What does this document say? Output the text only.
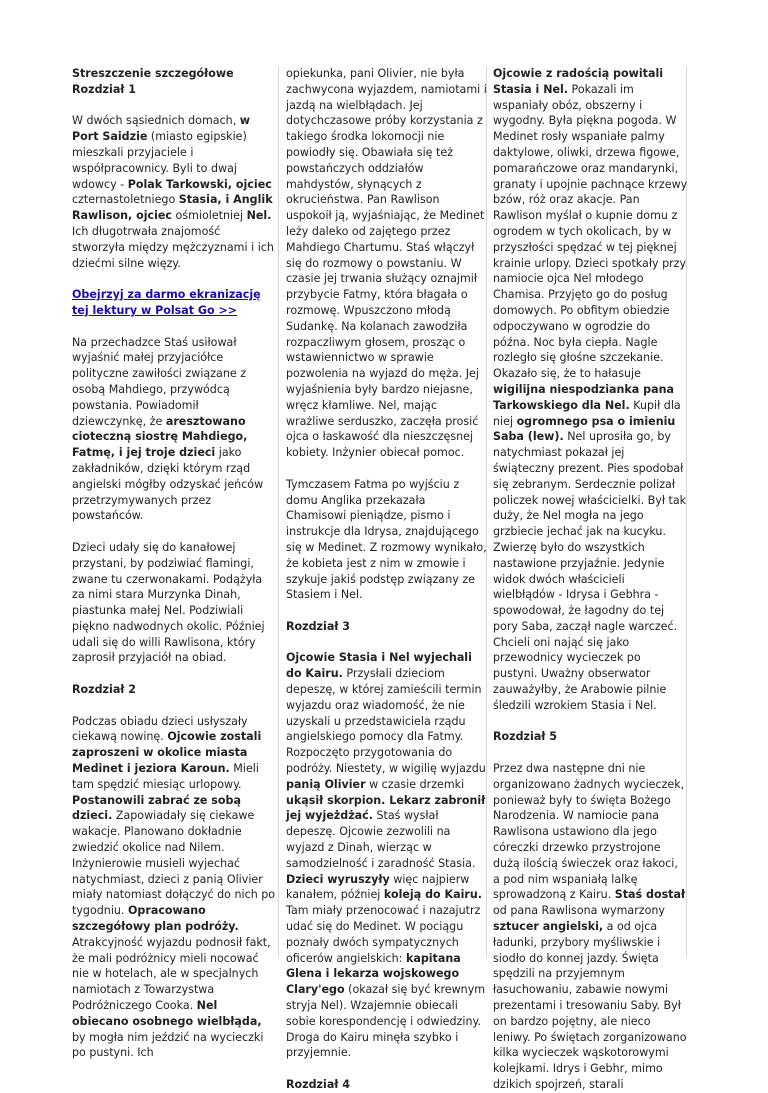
Streszczenie szczegółowe
Rozdział 1

W dwóch sąsiednich domach, w Port Saidzie (miasto egipskie) mieszkali przyjaciele i współpracownicy. Byli to dwaj wdowcy - Polak Tarkowski, ojciec czternastoletniego Stasia, i Anglik Rawlison, ojciec ośmioletniej Nel. Ich długotrwała znajomość stworzyła między mężczyznami i ich dziećmi silne więzy.

Obejrzyj za darmo ekranizację tej lektury w Polsat Go >>

Na przechadzce Staś usiłował wyjaśnić małej przyjaciółce polityczne zawiłości związane z osobą Mahdiego, przywódcą powstania. Powiadomił dziewczynkę, że aresztowano cioteczną siostrę Mahdiego, Fatmę, i jej troje dzieci jako zakładników, dzięki którym rząd angielski mógłby odzyskać jeńców przetrzymywanych przez powstańców.

Dzieci udały się do kanałowej przystani, by podziwiać flamingi, zwane tu czerwonakami. Podążyła za nimi stara Murzynka Dinah, piastunka małej Nel. Podziwiali piękno nadwodnych okolic. Później udali się do willi Rawlisona, który zaprosił przyjaciół na obiad.

Rozdział 2

Podczas obiadu dzieci usłyszały ciekawą nowinę. Ojcowie zostali zaproszeni w okolice miasta Medinet i jeziora Karoun. Mieli tam spędzić miesiąc urlopowy. Postanowili zabrać ze sobą dzieci. Zapowiadały się ciekawe wakacje. Planowano dokładnie zwiedzić okolice nad Nilem. Inżynierowie musieli wyjechać natychmiast, dzieci z panią Olivier miały natomiast dołączyć do nich po tygodniu. Opracowano szczegółowy plan podróży. Atrakcyjność wyjazdu podnosił fakt, że mali podróżnicy mieli nocować nie w hotelach, ale w specjalnych namiotach z Towarzystwa Podróżniczego Cooka. Nel obiecano osobnego wielbłąda, by mogła nim jeździć na wycieczki po pustyni. Ich

opiekunka, pani Olivier, nie była zachwycona wyjazdem, namiotami i jazdą na wielbłądach. Jej dotychczasowe próby korzystania z takiego środka lokomocji nie powiodły się. Obawiała się też powstańczych oddziałów mahdystów, słynących z okrucieństwa. Pan Rawlison uspokoił ją, wyjaśniając, że Medinet leży daleko od zajętego przez Mahdiego Chartumu. Staś włączył się do rozmowy o powstaniu. W czasie jej trwania służący oznajmił przybycie Fatmy, która błagała o rozmowę. Wpuszczono młodą Sudankę. Na kolanach zawodziła rozpaczliwym głosem, prosząc o wstawiennictwo w sprawie pozwolenia na wyjazd do męża. Jej wyjaśnienia były bardzo niejasne, wręcz kłamliwe. Nel, mając wrażliwe serduszko, zaczęła prosić ojca o łaskawość dla nieszczęsnej kobiety. Inżynier obiecał pomoc.

Tymczasem Fatma po wyjściu z domu Anglika przekazała Chamisowi pieniądze, pismo i instrukcje dla Idrysa, znajdującego się w Medinet. Z rozmowy wynikało, że kobieta jest z nim w zmowie i szykuje jakiś podstęp związany ze Stasiem i Nel.

Rozdział 3

Ojcowie Stasia i Nel wyjechali do Kairu. Przysłali dzieciom depeszę, w której zamieścili termin wyjazdu oraz wiadomość, że nie uzyskali u przedstawiciela rządu angielskiego pomocy dla Fatmy. Rozpoczęto przygotowania do podróży. Niestety, w wigilię wyjazdu panią Olivier w czasie drzemki ukąsił skorpion. Lekarz zabronił jej wyjeżdżać. Staś wysłał depeszę. Ojcowie zezwolili na wyjazd z Dinah, wierząc w samodzielność i zaradność Stasia. Dzieci wyruszyły więc najpierw kanałem, później koleją do Kairu. Tam miały przenocować i nazajutrz udać się do Medinet. W pociągu poznały dwóch sympatycznych oficerów angielskich: kapitana Glena i lekarza wojskowego Clary'ego (okazał się być krewnym stryja Nel). Wzajemnie obiecali sobie korespondencję i odwiedziny. Droga do Kairu minęła szybko i przyjemnie.

Rozdział 4

Ojcowie z radością powitali Stasia i Nel. Pokazali im wspaniały obóz, obszerny i wygodny. Była piękna pogoda. W Medinet rosły wspaniałe palmy daktylowe, oliwki, drzewa figowe, pomarańczowe oraz mandarynki, granaty i upojnie pachnące krzewy bzów, róż oraz akacje. Pan Rawlison myślał o kupnie domu z ogrodem w tych okolicach, by w przyszłości spędzać w tej pięknej krainie urlopy. Dzieci spotkały przy namiocie ojca Nel młodego Chamisa. Przyjęto go do posług domowych. Po obfitym obiedzie odpoczywano w ogrodzie do późna. Noc była ciepła. Nagle rozległo się głośne szczekanie. Okazało się, że to hałasuje wigilijna niespodzianka pana Tarkowskiego dla Nel. Kupił dla niej ogromnego psa o imieniu Saba (lew). Nel uprosiła go, by natychmiast pokazał jej świąteczny prezent. Pies spodobał się zebranym. Serdecznie polizał policzek nowej właścicielki. Był tak duży, że Nel mogła na jego grzbiecie jechać jak na kucyku. Zwierzę było do wszystkich nastawione przyjaźnie. Jedynie widok dwóch właścicieli wielbłądów - Idrysa i Gebhra - spowodował, że łagodny do tej pory Saba, zaczął nagle warczeć. Chcieli oni nająć się jako przewodnicy wycieczek po pustyni. Uważny obserwator zauważyłby, że Arabowie pilnie śledzili wzrokiem Stasia i Nel.

Rozdział 5

Przez dwa następne dni nie organizowano żadnych wycieczek, ponieważ były to święta Bożego Narodzenia. W namiocie pana Rawlisona ustawiono dla jego córeczki drzewko przystrojone dużą ilością świeczek oraz łakoci, a pod nim wspaniałą lalkę sprowadzoną z Kairu. Staś dostał od pana Rawlisona wymarzony sztucer angielski, a od ojca ładunki, przybory myśliwskie i siodło do konnej jazdy. Święta spędzili na przyjemnym łasuchowaniu, zabawie nowymi prezentami i tresowaniu Saby. Był on bardzo pojętny, ale nieco leniwy. Po świętach zorganizowano kilka wycieczek wąskotorowymi kolejkami. Idrys i Gebhr, mimo dzikich spojrzeń, starali
